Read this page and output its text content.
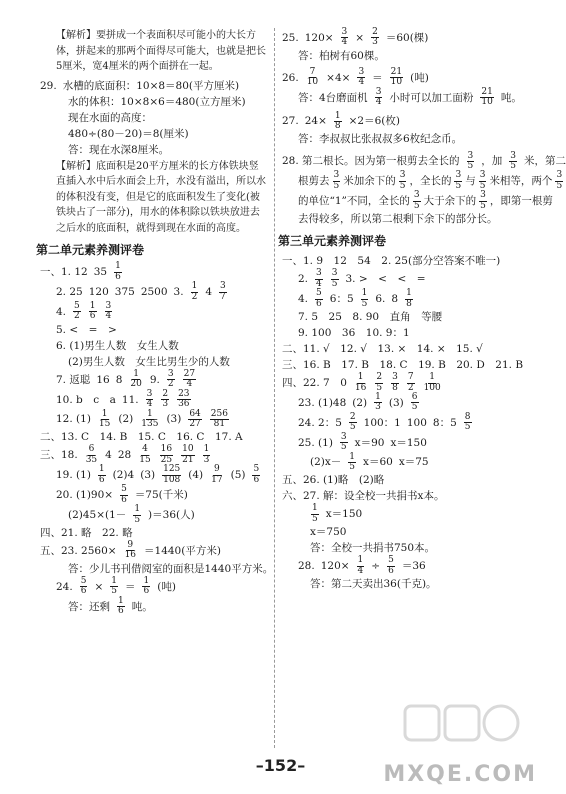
【解析】要拼成一个表面积尽可能小的大长方体，拼起来的那两个面得尽可能大，也就是把长5厘米，宽4厘米的两个面拼在一起。

29. 水槽的底面积：10×8＝80(平方厘米)
水的体积：10×8×6＝480(立方厘米)
现在水面的高度：
480÷(80－20)＝8(厘米)
答：现在水深8厘米。

【解析】底面积是20平方厘米的长方体铁块竖直插入水中后水面会上升，水没有溢出，所以水的体积没有变，但是它的底面积发生了变化(被铁块占了一部分)，用水的体积除以铁块放进去之后水的底面积，就得到现在水面的高度。

第二单元素养测评卷
一、1. 12 $35 \frac{1}{6}$
2. 25 120 375 2500 3. $\frac{1}{2} 4 \frac{3}{7}$
4. $\frac{5}{2} \frac{1}{6} \frac{3}{4}$
5. <　=　>
6. (1)男生人数　女生人数
(2)男生人数　女生比男生少的人数
7. 返聪 16 $8 \frac{1}{20} 9$. $\frac{3}{2} \frac{27}{4}$
10. b　c　a 11. $\frac{3}{4} \frac{2}{3} \frac{23}{36}$
12. $(1) \frac{1}{15} (2) \frac{1}{135} (3) \frac{64}{27} \frac{256}{81}$
二、13. C　14. B　15. C　16. C　17. A
三、18. $\frac{6}{35} 4$ $28 \frac{4}{15} \frac{16}{25} \frac{10}{21} \frac{1}{3}$
19. $(1) \frac{1}{6} (2)4$ $(3) \frac{125}{108} (4) \frac{9}{17} (5) \frac{5}{6}$
20. $(1)90\times \frac{5}{6} =75$(千米)
$(2)45\times(1- \frac{1}{5} )=36$(人)
四、21. 略　22. 略
五、23. $2560\times \frac{9}{16} =1440$(平方米)
答：少儿书刊借阅室的面积是1440平方米。
24. $\frac{5}{6} \times \frac{1}{5} = \frac{1}{6}$ (吨)
答：还剩 $\frac{1}{6}$ 吨。
25. $120\times \frac{3}{4} \times \frac{2}{3} =60$(棵)
答：柏树有60棵。
26. $\frac{7}{10} \times 4\times \frac{3}{4} = \frac{21}{10}$ (吨)
答：4台磨面机 $\frac{3}{4}$ 小时可以加工面粉 $\frac{21}{10}$ 吨。
27. $24\times \frac{1}{8} \times 2=6$(枚)
答：李叔叔比张叔叔多6枚纪念币。
28. 第二根长。因为第一根剪去全长的 $\frac{3}{5}$ ，加 $\frac{3}{5}$ 米，第二
根剪去 $\frac{3}{5}$ 米加余下的 $\frac{3}{5}$ ，全长的 $\frac{3}{5}$ 与 $\frac{3}{5}$ 米相等，两个 $\frac{3}{5}$
的单位“1”不同，全长的 $\frac{3}{5}$ 大于余下的 $\frac{3}{5}$ ，即第一根剪
去得较多，所以第二根剩下余下的部分长。
第三单元素养测评卷
一、1. 9　12　54　2. 25(部分空答案不唯一)
2. $\frac{3}{4} \frac{3}{5} 3$. >　<　<　=
4. $\frac{5}{6} 6$：$5 \frac{1}{5} 6$. $8 \frac{1}{8}$
7. 5　25　8. 90　直角　等腰
9. 100　36　10. 9：1
二、11. √　12. √　13. ×　14. ×　15. √
三、16. B　17. B　18. C　19. B　20. D　21. B
四、22. 7　$0 \frac{1}{16} \frac{2}{5} \frac{3}{8} \frac{7}{2} \frac{1}{100}$
23. (1)48 $(2) \frac{1}{3} (3) \frac{6}{5}$
24. 2：$5 \frac{2}{5} 100$：1 100 8：$5 \frac{8}{5}$
25. $(1) \frac{3}{5} x=90$ x＝150
$(2)x- \frac{1}{5} x=60$ x＝75
五、26. (1)略　(2)略
六、27. 解：设全校一共捐书x本。
$\frac{1}{5} x=150$
x＝750
答：全校一共捐书750本。
28. $120\times \frac{1}{4} \div \frac{5}{6} =36$
答：第二天卖出36(千克)。
MXQE.COM
–152–
